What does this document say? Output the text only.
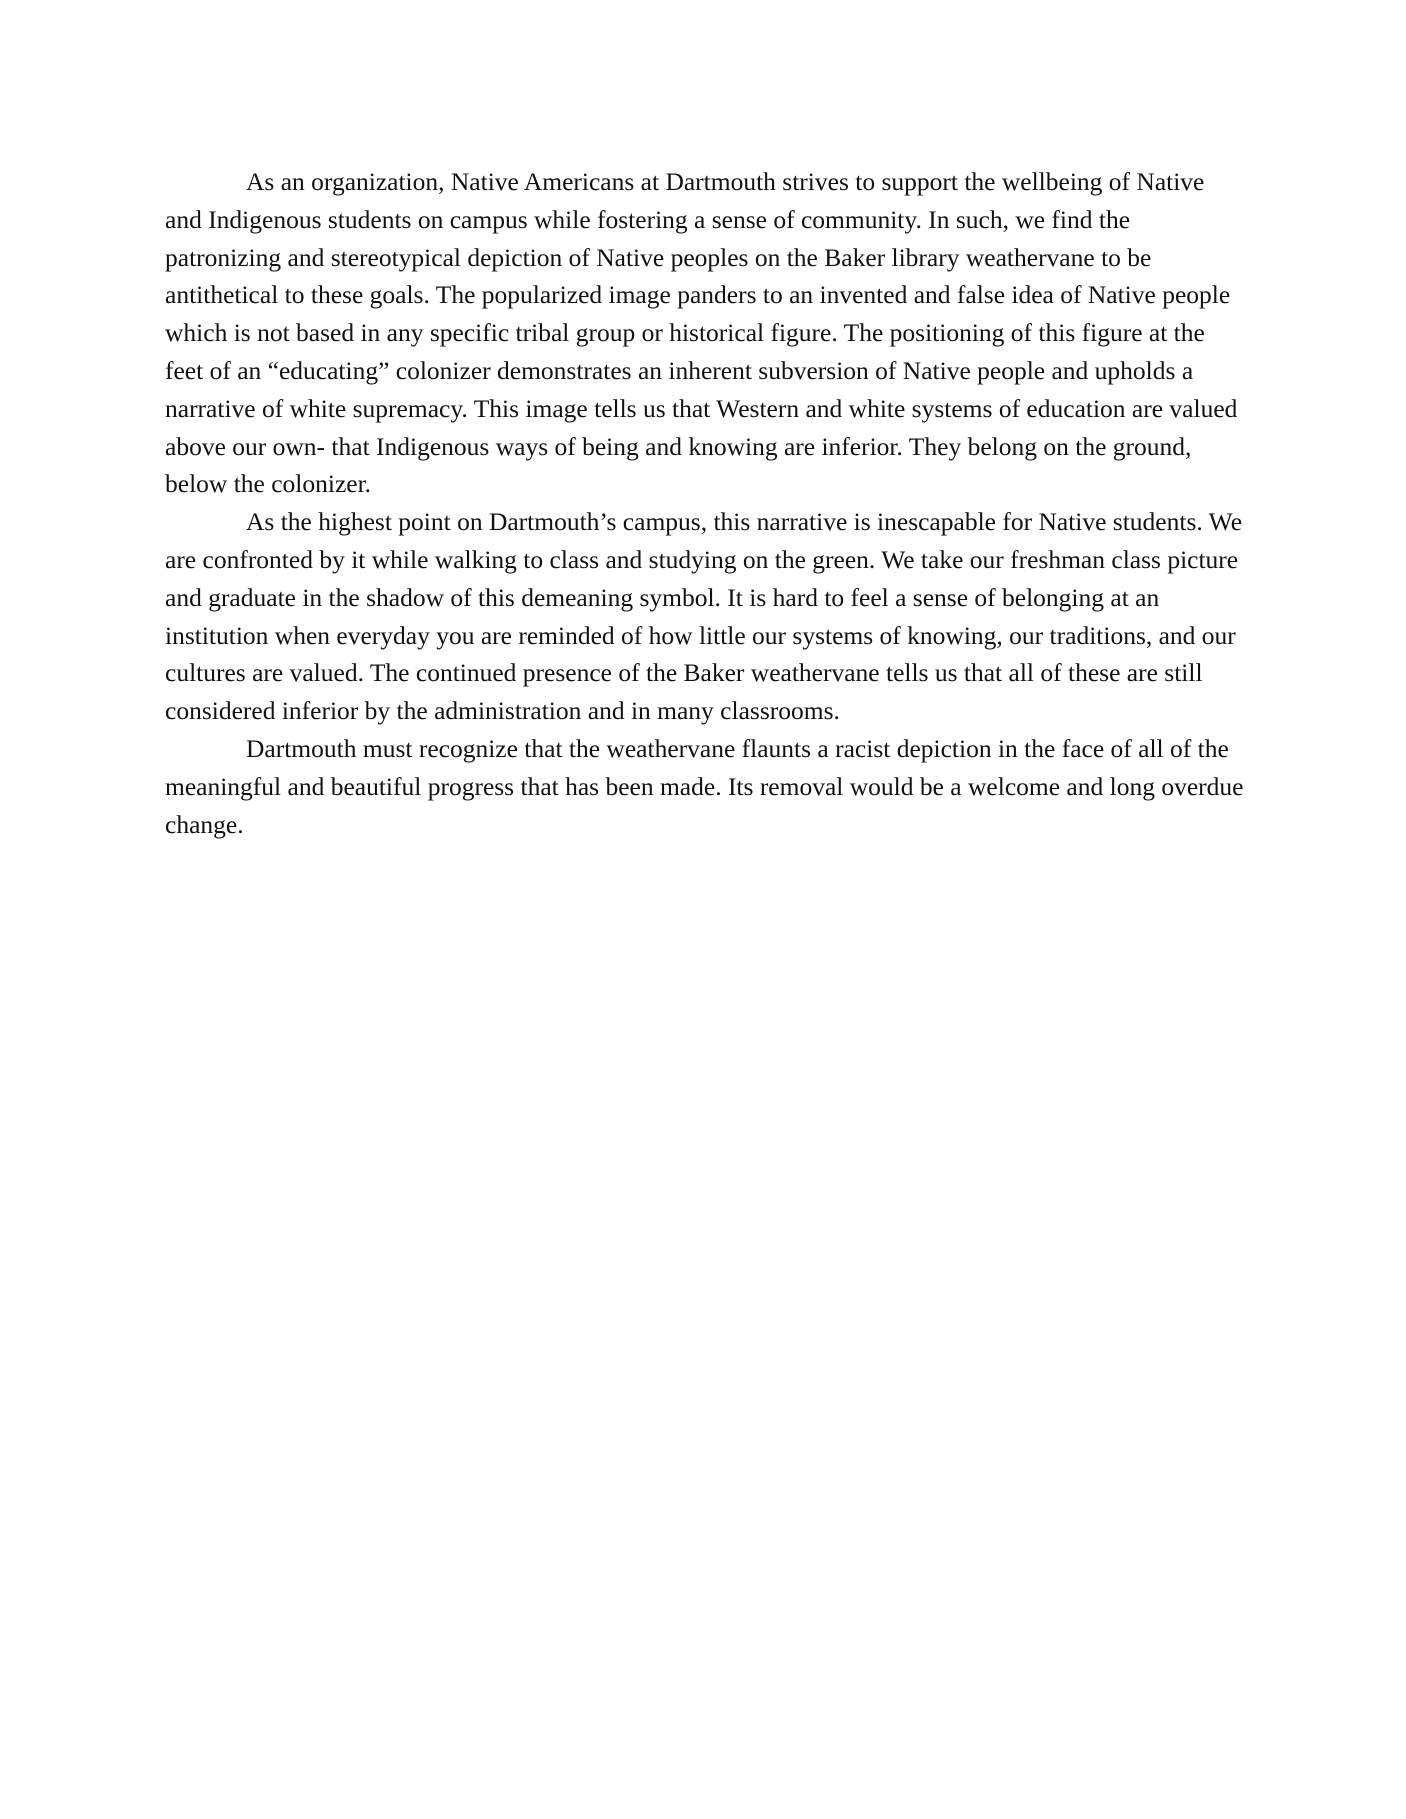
As an organization, Native Americans at Dartmouth strives to support the wellbeing of Native and Indigenous students on campus while fostering a sense of community. In such, we find the patronizing and stereotypical depiction of Native peoples on the Baker library weathervane to be antithetical to these goals. The popularized image panders to an invented and false idea of Native people which is not based in any specific tribal group or historical figure. The positioning of this figure at the feet of an “educating” colonizer demonstrates an inherent subversion of Native people and upholds a narrative of white supremacy. This image tells us that Western and white systems of education are valued above our own- that Indigenous ways of being and knowing are inferior. They belong on the ground, below the colonizer.

As the highest point on Dartmouth’s campus, this narrative is inescapable for Native students. We are confronted by it while walking to class and studying on the green. We take our freshman class picture and graduate in the shadow of this demeaning symbol. It is hard to feel a sense of belonging at an institution when everyday you are reminded of how little our systems of knowing, our traditions, and our cultures are valued. The continued presence of the Baker weathervane tells us that all of these are still considered inferior by the administration and in many classrooms.

Dartmouth must recognize that the weathervane flaunts a racist depiction in the face of all of the meaningful and beautiful progress that has been made. Its removal would be a welcome and long overdue change.
